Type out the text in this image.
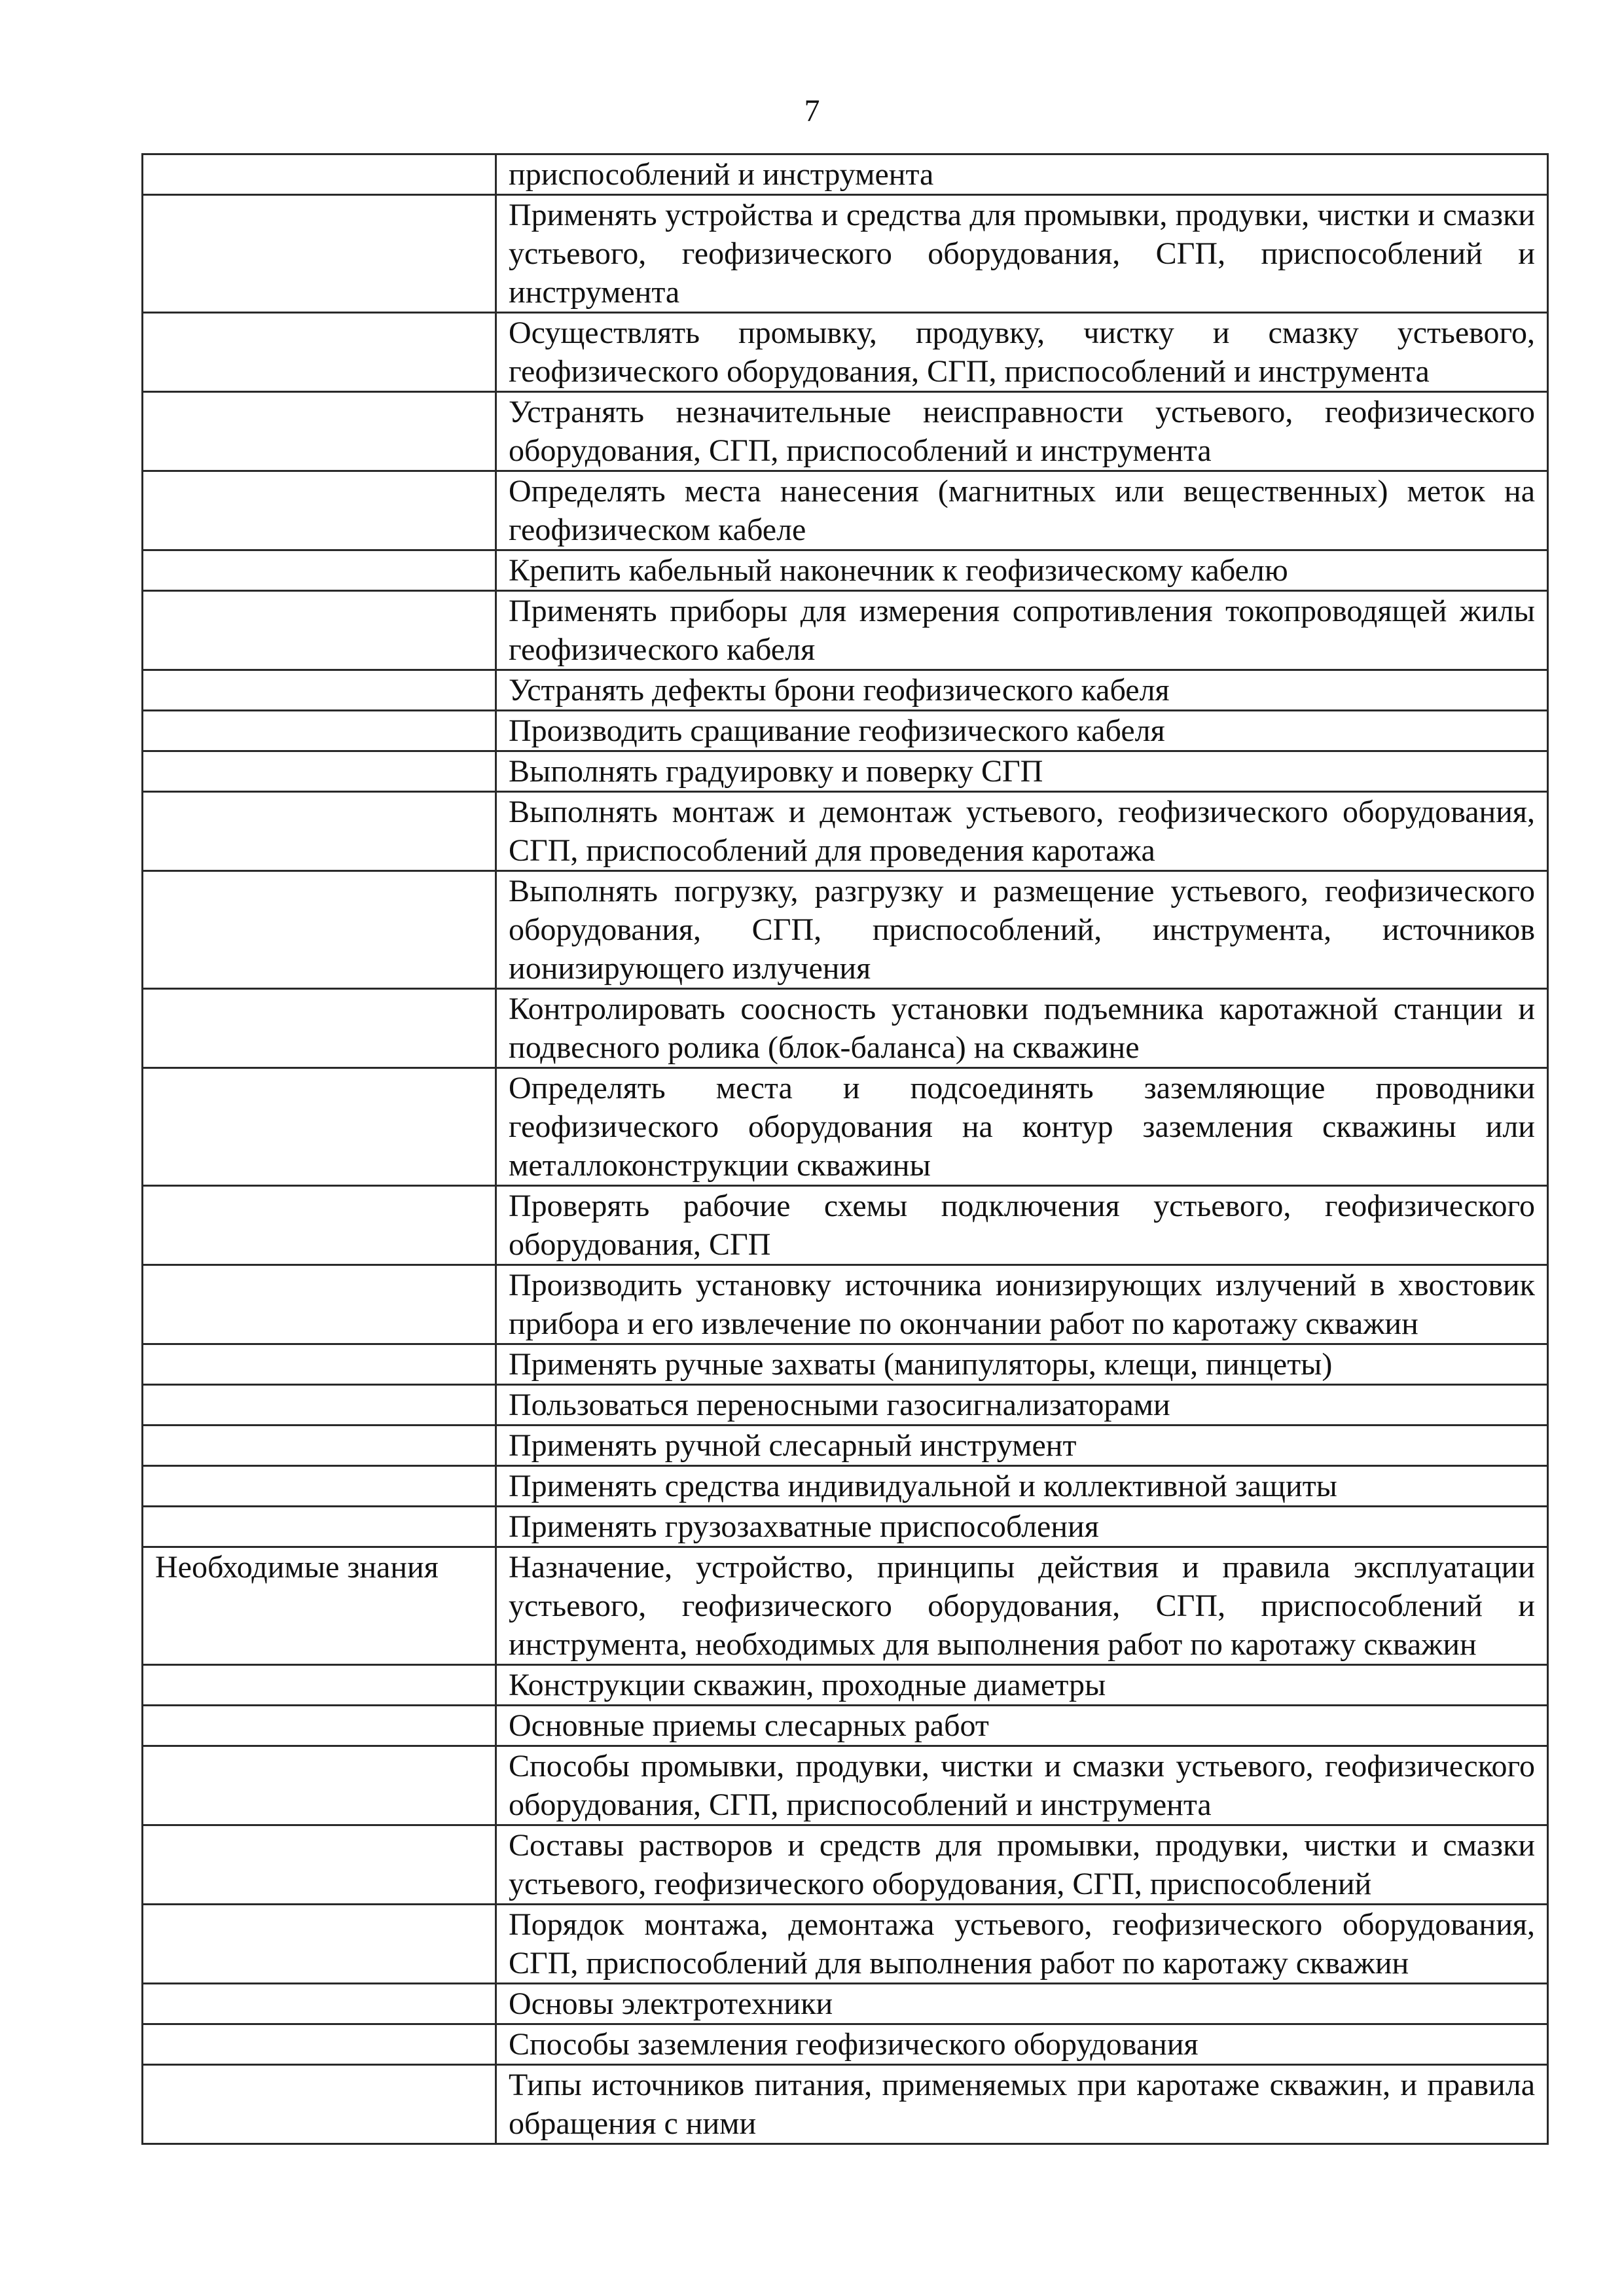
7

	приспособлений и инструмента

	Применять устройства и средства для промывки, продувки, чистки и смазки устьевого, геофизического оборудования, СГП, приспособлений и инструмента

	Осуществлять промывку, продувку, чистку и смазку устьевого, геофизического оборудования, СГП, приспособлений и инструмента

	Устранять незначительные неисправности устьевого, геофизического оборудования, СГП, приспособлений и инструмента

	Определять места нанесения (магнитных или вещественных) меток на геофизическом кабеле

	Крепить кабельный наконечник к геофизическому кабелю

	Применять приборы для измерения сопротивления токопроводящей жилы геофизического кабеля

	Устранять дефекты брони геофизического кабеля

	Производить сращивание геофизического кабеля

	Выполнять градуировку и поверку СГП

	Выполнять монтаж и демонтаж устьевого, геофизического оборудования, СГП, приспособлений для проведения каротажа

	Выполнять погрузку, разгрузку и размещение устьевого, геофизического оборудования, СГП, приспособлений, инструмента, источников ионизирующего излучения

	Контролировать соосность установки подъемника каротажной станции и подвесного ролика (блок-баланса) на скважине

	Определять места и подсоединять заземляющие проводники геофизического оборудования на контур заземления скважины или металлоконструкции скважины

	Проверять рабочие схемы подключения устьевого, геофизического оборудования, СГП

	Производить установку источника ионизирующих излучений в хвостовик прибора и его извлечение по окончании работ по каротажу скважин

	Применять ручные захваты (манипуляторы, клещи, пинцеты)

	Пользоваться переносными газосигнализаторами

	Применять ручной слесарный инструмент

	Применять средства индивидуальной и коллективной защиты

	Применять грузозахватные приспособления

Необходимые знания	Назначение, устройство, принципы действия и правила эксплуатации устьевого, геофизического оборудования, СГП, приспособлений и инструмента, необходимых для выполнения работ по каротажу скважин

	Конструкции скважин, проходные диаметры

	Основные приемы слесарных работ

	Способы промывки, продувки, чистки и смазки устьевого, геофизического оборудования, СГП, приспособлений и инструмента

	Составы растворов и средств для промывки, продувки, чистки и смазки устьевого, геофизического оборудования, СГП, приспособлений

	Порядок монтажа, демонтажа устьевого, геофизического оборудования, СГП, приспособлений для выполнения работ по каротажу скважин

	Основы электротехники

	Способы заземления геофизического оборудования

	Типы источников питания, применяемых при каротаже скважин, и правила обращения с ними
